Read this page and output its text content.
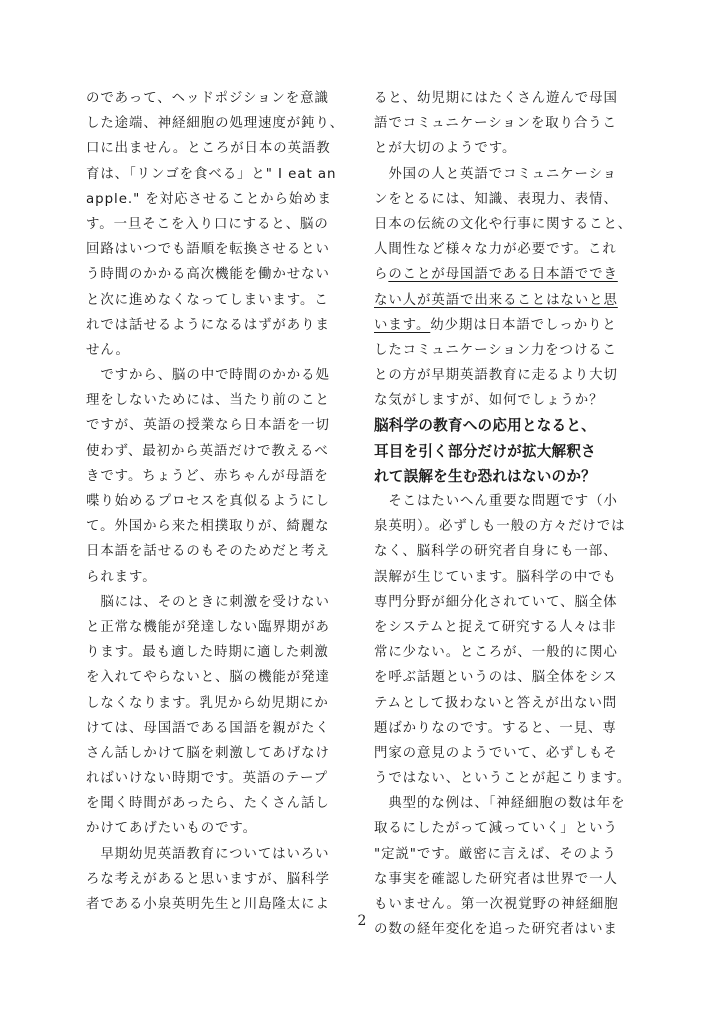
のであって、ヘッドポジションを意識
した途端、神経細胞の処理速度が鈍り、
口に出ません。ところが日本の英語教
育は、「リンゴを食べる」と" I eat an
apple." を対応させることから始めま
す。一旦そこを入り口にすると、脳の
回路はいつでも語順を転換させるとい
う時間のかかる高次機能を働かせない
と次に進めなくなってしまいます。こ
れでは話せるようになるはずがありま
せん。
　ですから、脳の中で時間のかかる処
理をしないためには、当たり前のこと
ですが、英語の授業なら日本語を一切
使わず、最初から英語だけで教えるべ
きです。ちょうど、赤ちゃんが母語を
喋り始めるプロセスを真似るようにし
て。外国から来た相撲取りが、綺麗な
日本語を話せるのもそのためだと考え
られます。
　脳には、そのときに刺激を受けない
と正常な機能が発達しない臨界期があ
ります。最も適した時期に適した刺激
を入れてやらないと、脳の機能が発達
しなくなります。乳児から幼児期にか
けては、母国語である国語を親がたく
さん話しかけて脳を刺激してあげなけ
ればいけない時期です。英語のテープ
を聞く時間があったら、たくさん話し
かけてあげたいものです。
　早期幼児英語教育についてはいろい
ろな考えがあると思いますが、脳科学
者である小泉英明先生と川島隆太によ
ると、幼児期にはたくさん遊んで母国
語でコミュニケーションを取り合うこ
とが大切のようです。
　外国の人と英語でコミュニケーショ
ンをとるには、知識、表現力、表情、
日本の伝統の文化や行事に関すること、
人間性など様々な力が必要です。これ
らのことが母国語である日本語ででき
ない人が英語で出来ることはないと思
います。幼少期は日本語でしっかりと
したコミュニケーション力をつけるこ
との方が早期英語教育に走るより大切
な気がしますが、如何でしょうか？
脳科学の教育への応用となると、
耳目を引く部分だけが拡大解釈さ
れて誤解を生む恐れはないのか？
　そこはたいへん重要な問題です（小
泉英明）。必ずしも一般の方々だけでは
なく、脳科学の研究者自身にも一部、
誤解が生じています。脳科学の中でも
専門分野が細分化されていて、脳全体
をシステムと捉えて研究する人々は非
常に少ない。ところが、一般的に関心
を呼ぶ話題というのは、脳全体をシス
テムとして扱わないと答えが出ない問
題ばかりなのです。すると、一見、専
門家の意見のようでいて、必ずしもそ
うではない、ということが起こります。
　典型的な例は、「神経細胞の数は年を
取るにしたがって減っていく」という
"定説"です。厳密に言えば、そのよう
な事実を確認した研究者は世界で一人
もいません。第一次視覚野の神経細胞
の数の経年変化を追った研究者はいま
2
